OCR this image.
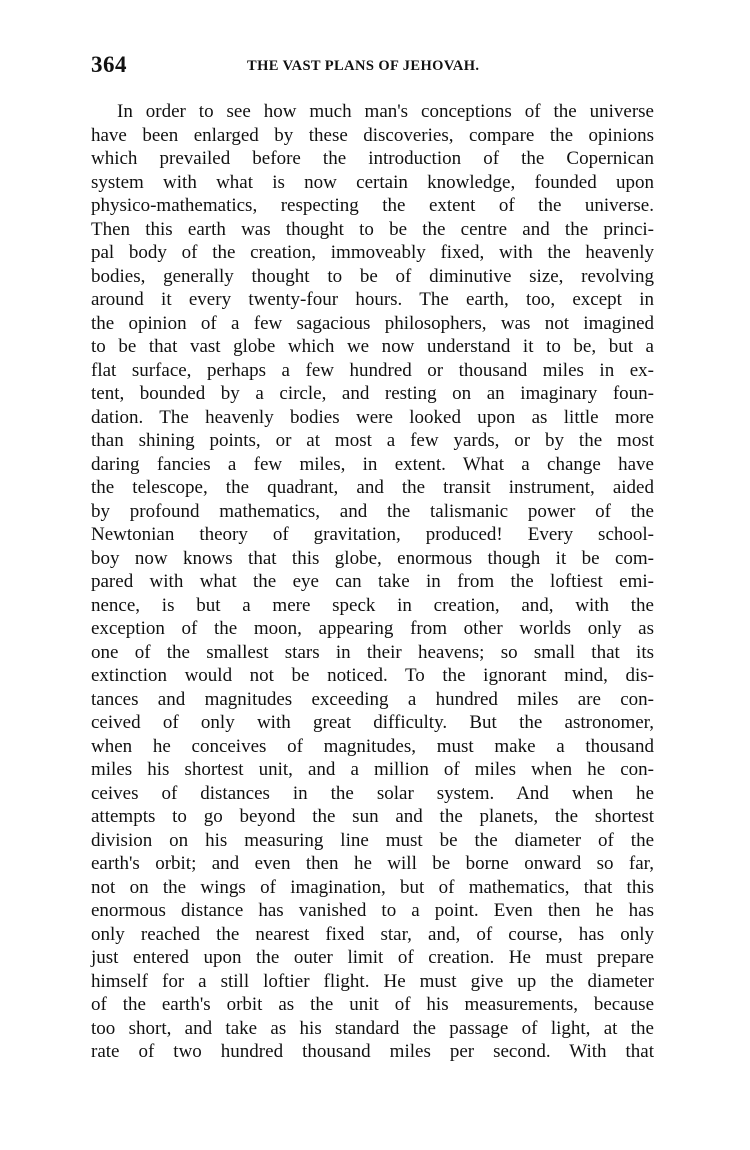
364	THE VAST PLANS OF JEHOVAH.
In order to see how much man's conceptions of the universe
have been enlarged by these discoveries, compare the opinions
which prevailed before the introduction of the Copernican
system with what is now certain knowledge, founded upon
physico-mathematics, respecting the extent of the universe.
Then this earth was thought to be the centre and the princi-
pal body of the creation, immoveably fixed, with the heavenly
bodies, generally thought to be of diminutive size, revolving
around it every twenty-four hours. The earth, too, except in
the opinion of a few sagacious philosophers, was not imagined
to be that vast globe which we now understand it to be, but a
flat surface, perhaps a few hundred or thousand miles in ex-
tent, bounded by a circle, and resting on an imaginary foun-
dation. The heavenly bodies were looked upon as little more
than shining points, or at most a few yards, or by the most
daring fancies a few miles, in extent. What a change have
the telescope, the quadrant, and the transit instrument, aided
by profound mathematics, and the talismanic power of the
Newtonian theory of gravitation, produced! Every school-
boy now knows that this globe, enormous though it be com-
pared with what the eye can take in from the loftiest emi-
nence, is but a mere speck in creation, and, with the
exception of the moon, appearing from other worlds only as
one of the smallest stars in their heavens; so small that its
extinction would not be noticed. To the ignorant mind, dis-
tances and magnitudes exceeding a hundred miles are con-
ceived of only with great difficulty. But the astronomer,
when he conceives of magnitudes, must make a thousand
miles his shortest unit, and a million of miles when he con-
ceives of distances in the solar system. And when he
attempts to go beyond the sun and the planets, the shortest
division on his measuring line must be the diameter of the
earth's orbit; and even then he will be borne onward so far,
not on the wings of imagination, but of mathematics, that this
enormous distance has vanished to a point. Even then he has
only reached the nearest fixed star, and, of course, has only
just entered upon the outer limit of creation. He must prepare
himself for a still loftier flight. He must give up the diameter
of the earth's orbit as the unit of his measurements, because
too short, and take as his standard the passage of light, at the
rate of two hundred thousand miles per second. With that
